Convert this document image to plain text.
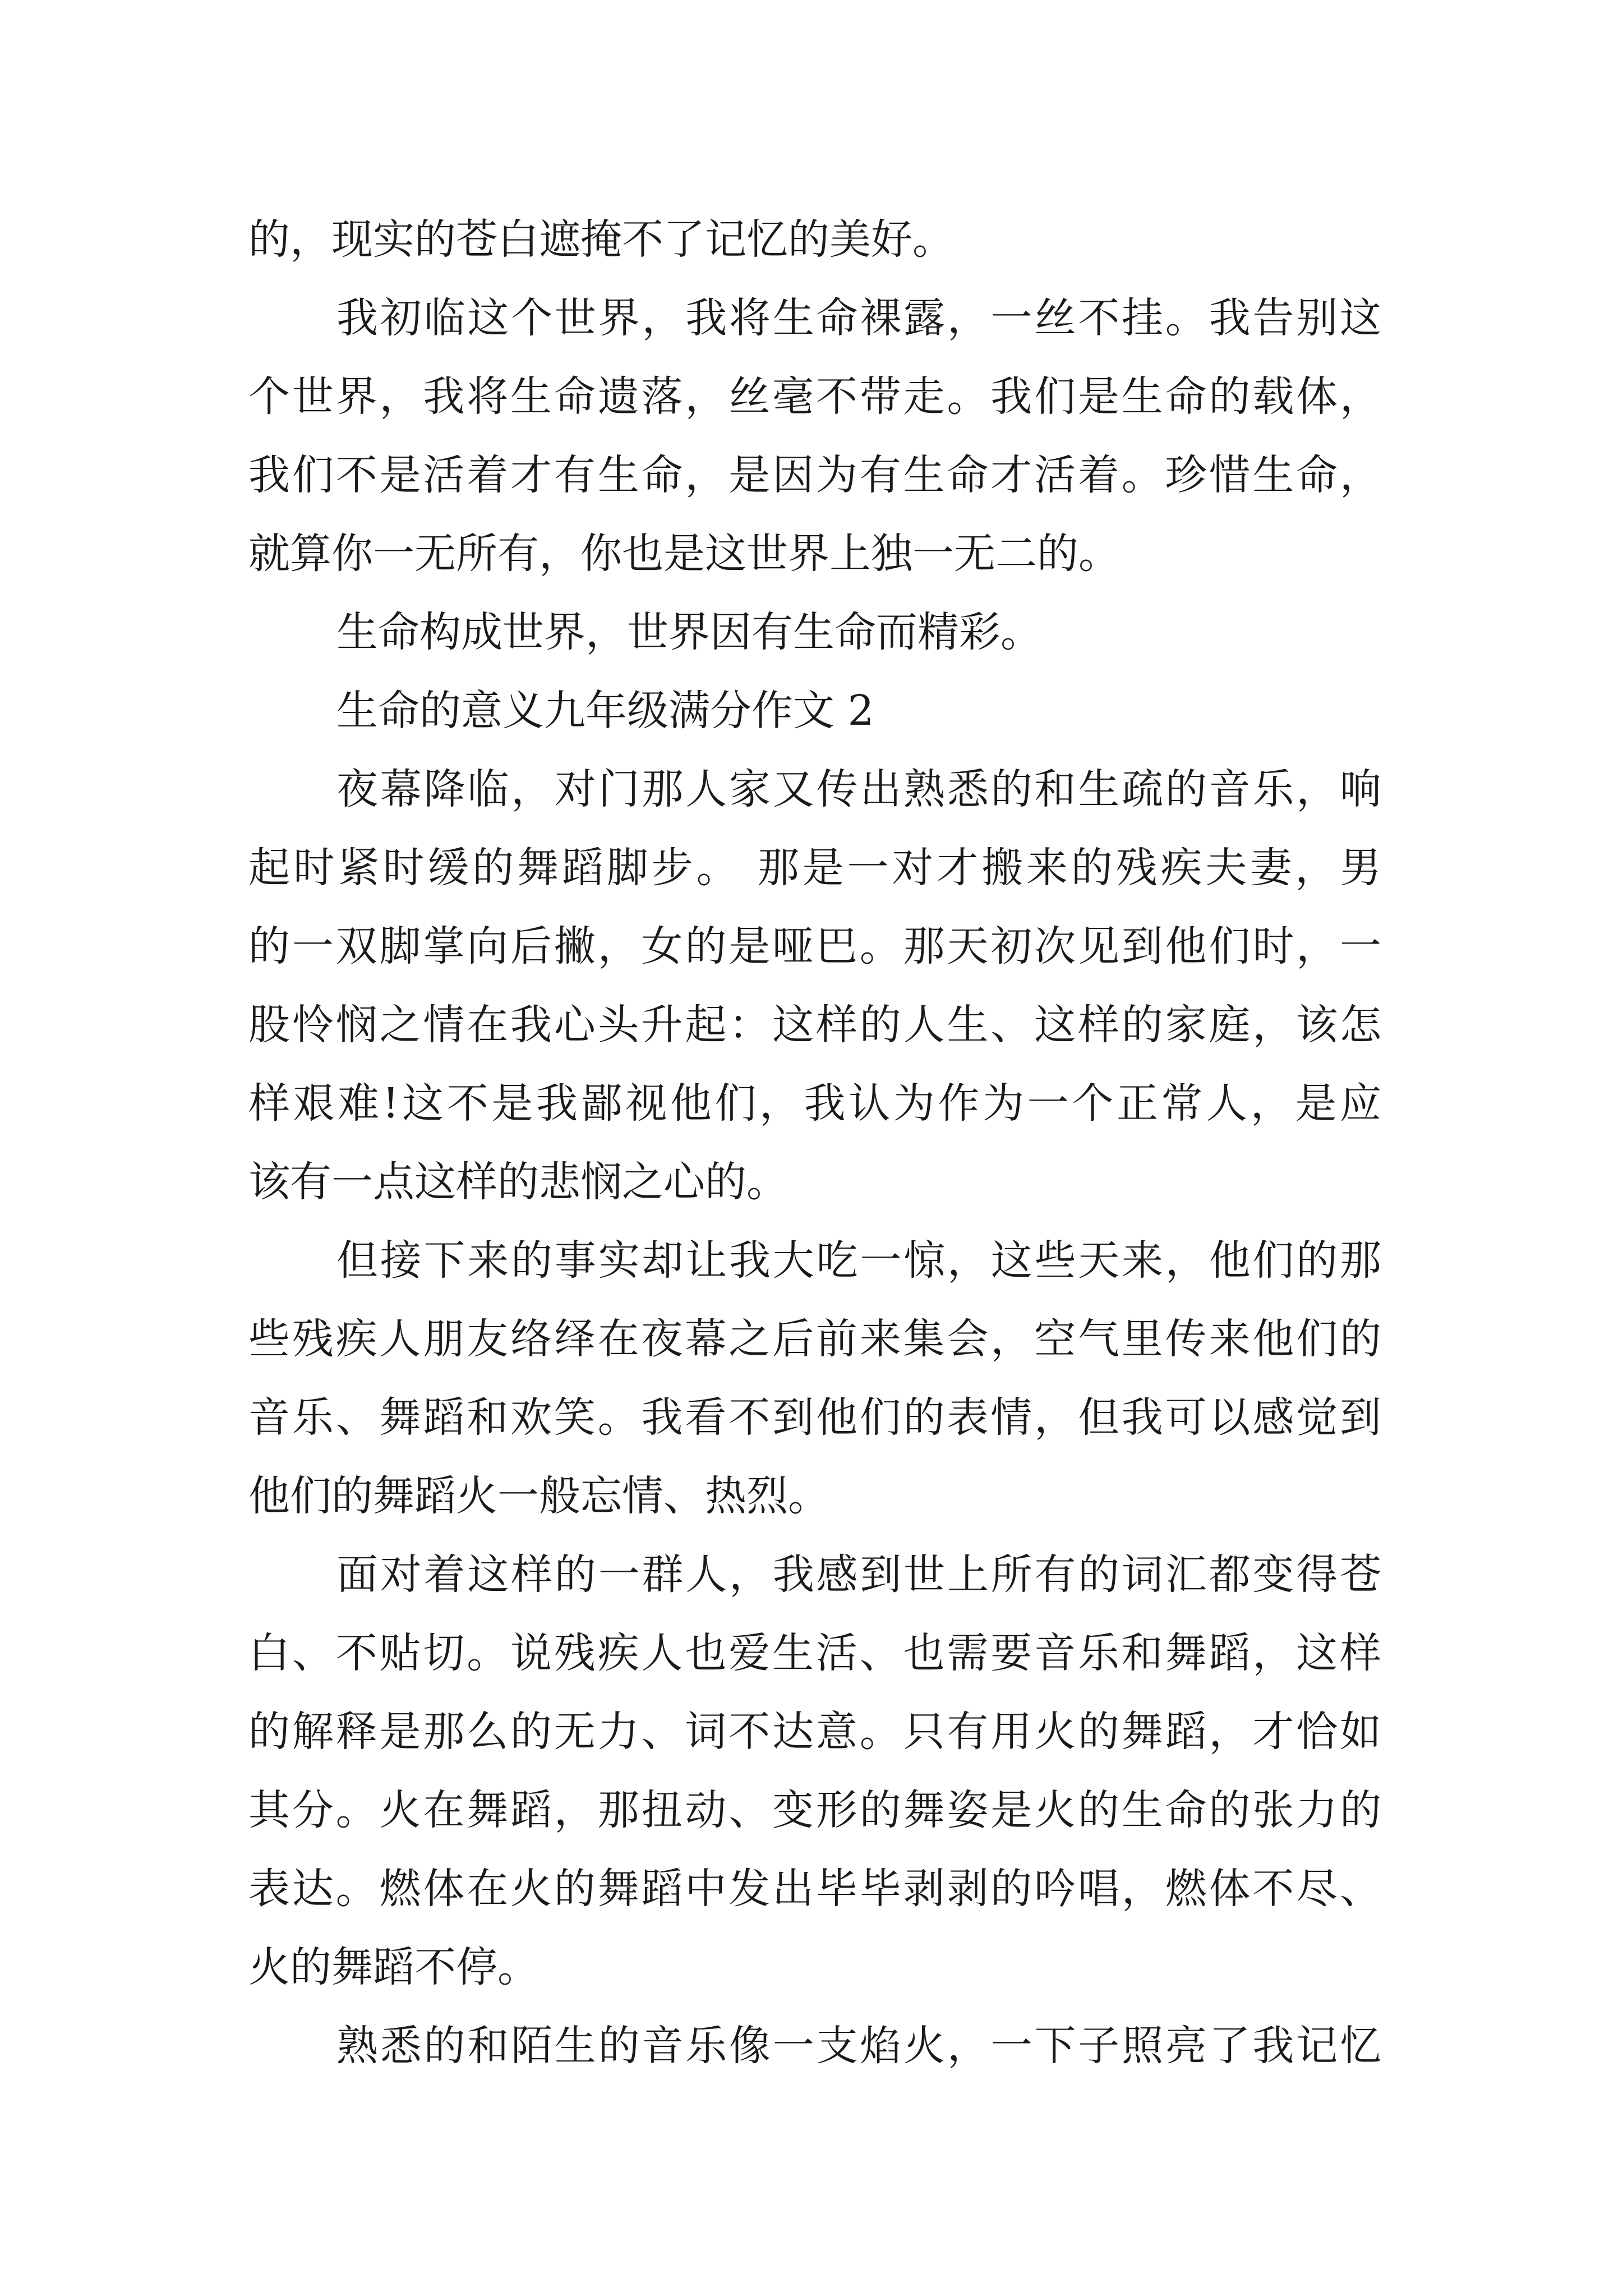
的，现实的苍白遮掩不了记忆的美好。

我初临这个世界，我将生命裸露，一丝不挂。我告别这

个世界，我将生命遗落，丝毫不带走。我们是生命的载体，

我们不是活着才有生命，是因为有生命才活着。珍惜生命，

就算你一无所有，你也是这世界上独一无二的。

生命构成世界，世界因有生命而精彩。

生命的意义九年级满分作文 2

夜幕降临，对门那人家又传出熟悉的和生疏的音乐，响

起时紧时缓的舞蹈脚步。 那是一对才搬来的残疾夫妻，男

的一双脚掌向后撇，女的是哑巴。那天初次见到他们时，一

股怜悯之情在我心头升起：这样的人生、这样的家庭，该怎

样艰难!这不是我鄙视他们，我认为作为一个正常人，是应

该有一点这样的悲悯之心的。

但接下来的事实却让我大吃一惊，这些天来，他们的那

些残疾人朋友络绎在夜幕之后前来集会，空气里传来他们的

音乐、舞蹈和欢笑。我看不到他们的表情，但我可以感觉到

他们的舞蹈火一般忘情、热烈。

面对着这样的一群人，我感到世上所有的词汇都变得苍

白、不贴切。说残疾人也爱生活、也需要音乐和舞蹈，这样

的解释是那么的无力、词不达意。只有用火的舞蹈，才恰如

其分。火在舞蹈，那扭动、变形的舞姿是火的生命的张力的

表达。燃体在火的舞蹈中发出毕毕剥剥的吟唱，燃体不尽、

火的舞蹈不停。

熟悉的和陌生的音乐像一支焰火，一下子照亮了我记忆
